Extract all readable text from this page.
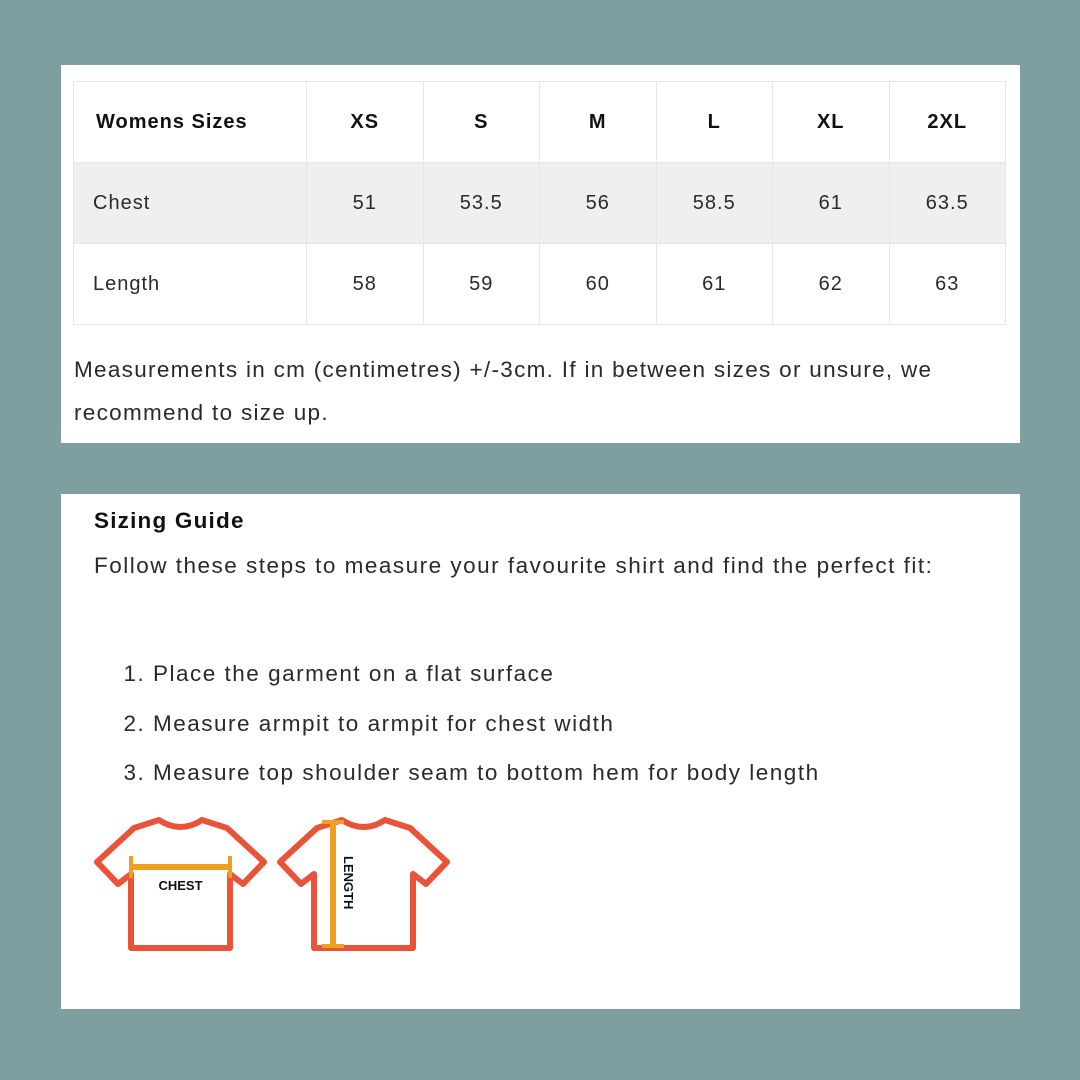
Womens Sizes	XS	S	M	L	XL	2XL
Chest	51	53.5	56	58.5	61	63.5
Length	58	59	60	61	62	63
Measurements in cm (centimetres) +/-3cm. If in between sizes or unsure, we recommend to size up.
Sizing Guide
Follow these steps to measure your favourite shirt and find the perfect fit:
1. Place the garment on a flat surface
2. Measure armpit to armpit for chest width
3. Measure top shoulder seam to bottom hem for body length
CHEST	LENGTH
